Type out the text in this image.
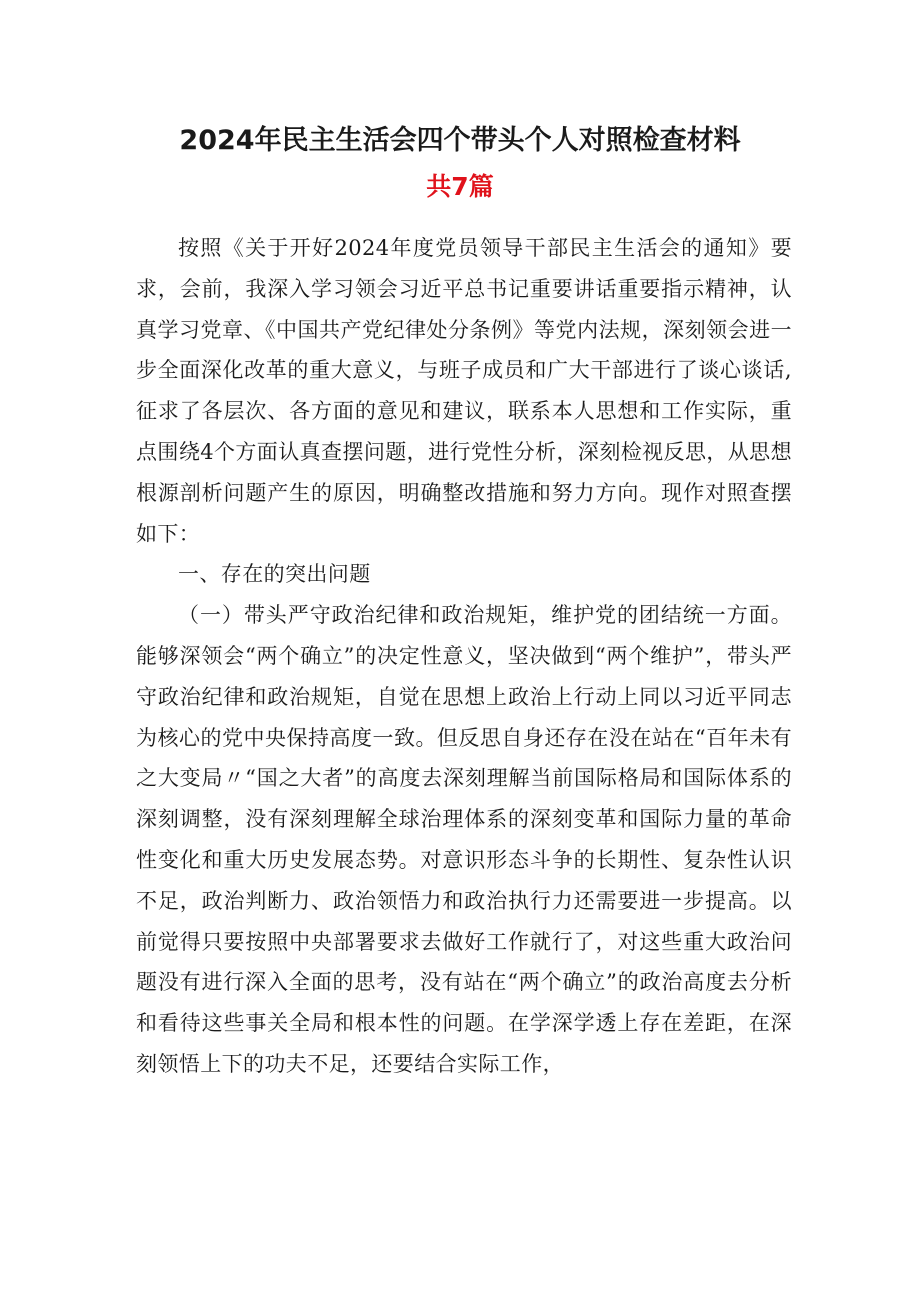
2024年民主生活会四个带头个人对照检查材料
共7篇

按照《关于开好2024年度党员领导干部民主生活会的通知》要求，会前，我深入学习领会习近平总书记重要讲话重要指示精神，认真学习党章、《中国共产党纪律处分条例》等党内法规，深刻领会进一步全面深化改革的重大意义，与班子成员和广大干部进行了谈心谈话,征求了各层次、各方面的意见和建议，联系本人思想和工作实际，重点围绕4个方面认真查摆问题，进行党性分析，深刻检视反思，从思想根源剖析问题产生的原因，明确整改措施和努力方向。现作对照查摆如下：

一、存在的突出问题

（一）带头严守政治纪律和政治规矩，维护党的团结统一方面。能够深领会“两个确立”的决定性意义，坚决做到“两个维护”，带头严守政治纪律和政治规矩，自觉在思想上政治上行动上同以习近平同志为核心的党中央保持高度一致。但反思自身还存在没在站在“百年未有之大变局〃“国之大者”的高度去深刻理解当前国际格局和国际体系的深刻调整，没有深刻理解全球治理体系的深刻变革和国际力量的革命性变化和重大历史发展态势。对意识形态斗争的长期性、复杂性认识不足，政治判断力、政治领悟力和政治执行力还需要进一步提高。以前觉得只要按照中央部署要求去做好工作就行了，对这些重大政治问题没有进行深入全面的思考，没有站在“两个确立”的政治高度去分析和看待这些事关全局和根本性的问题。在学深学透上存在差距，在深刻领悟上下的功夫不足，还要结合实际工作，
